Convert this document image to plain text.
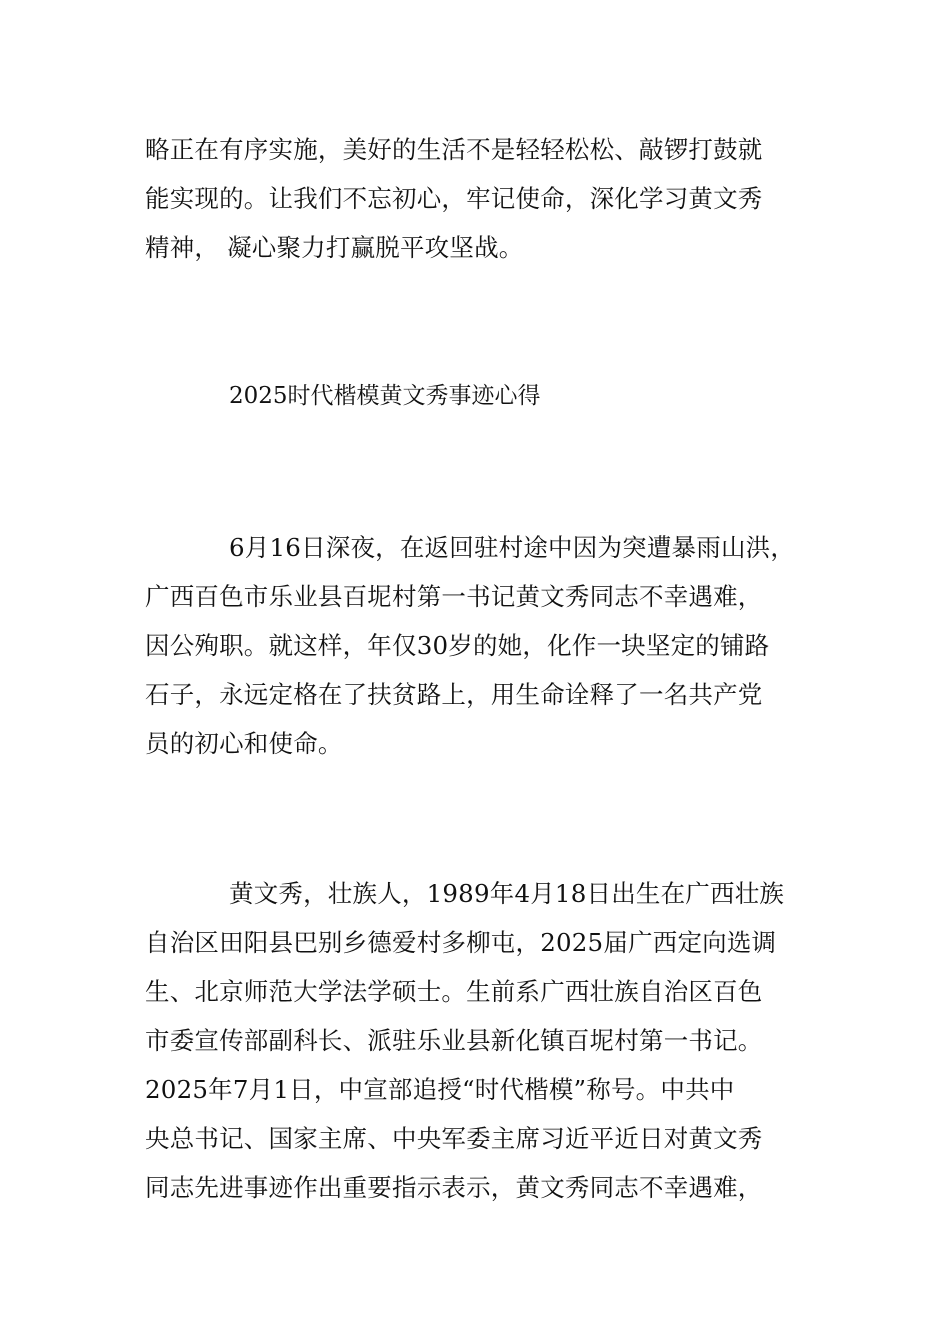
略正在有序实施，美好的生活不是轻轻松松、敲锣打鼓就
能实现的。让我们不忘初心，牢记使命，深化学习黄文秀
精神， 凝心聚力打赢脱平攻坚战。
2025时代楷模黄文秀事迹心得
6月16日深夜，在返回驻村途中因为突遭暴雨山洪，
广西百色市乐业县百坭村第一书记黄文秀同志不幸遇难，
因公殉职。就这样，年仅30岁的她，化作一块坚定的铺路
石子，永远定格在了扶贫路上，用生命诠释了一名共产党
员的初心和使命。
黄文秀，壮族人，1989年4月18日出生在广西壮族
自治区田阳县巴别乡德爱村多柳屯，2025届广西定向选调
生、北京师范大学法学硕士。生前系广西壮族自治区百色
市委宣传部副科长、派驻乐业县新化镇百坭村第一书记。
2025年7月1日，中宣部追授“时代楷模”称号。中共中
央总书记、国家主席、中央军委主席习近平近日对黄文秀
同志先进事迹作出重要指示表示，黄文秀同志不幸遇难，
